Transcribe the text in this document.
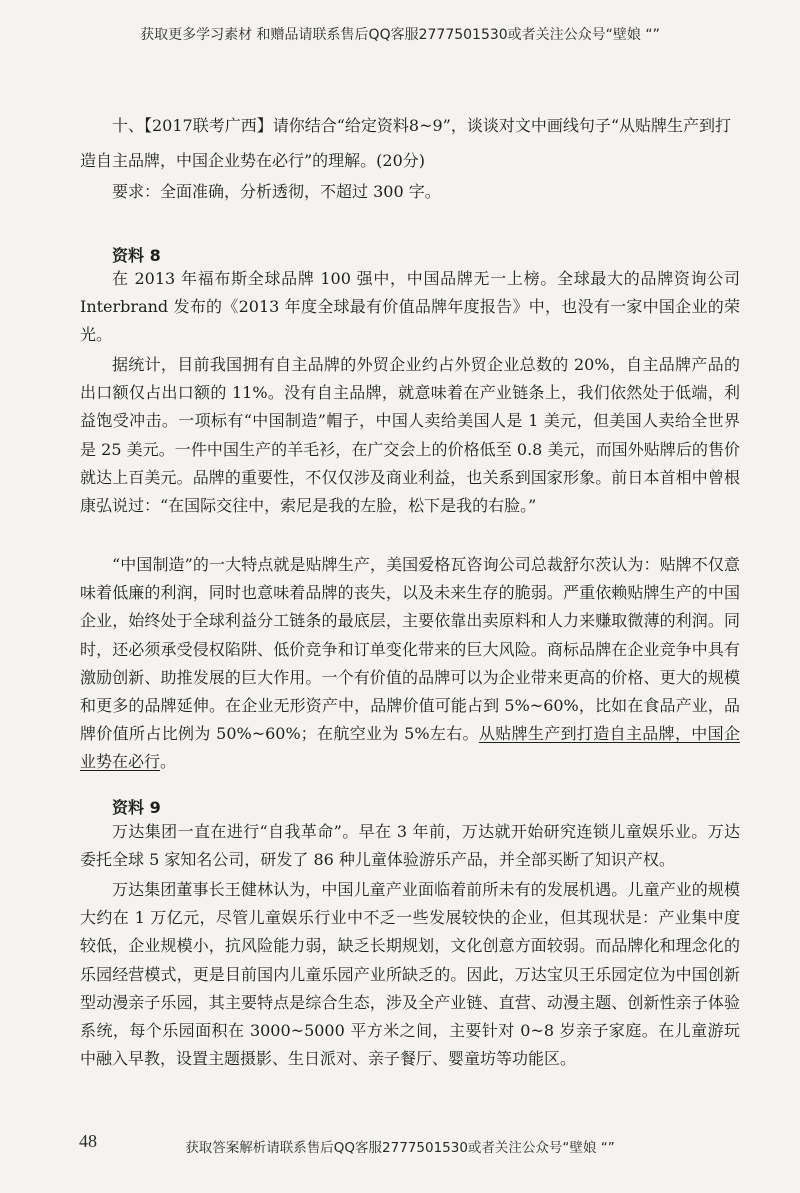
获取更多学习素材 和赠品请联系售后QQ客服2777501530或者关注公众号“壁娘 “”

十、【2017联考广西】请你结合“给定资料8~9”，谈谈对文中画线句子“从贴牌生产到打造自主品牌，中国企业势在必行”的理解。(20分)

要求：全面准确，分析透彻，不超过 300 字。

资料 8

在 2013 年福布斯全球品牌 100 强中，中国品牌无一上榜。全球最大的品牌资询公司 Interbrand 发布的《2013 年度全球最有价值品牌年度报告》中，也没有一家中国企业的荣光。

据统计，目前我国拥有自主品牌的外贸企业约占外贸企业总数的 20%，自主品牌产品的出口额仅占出口额的 11%。没有自主品牌，就意味着在产业链条上，我们依然处于低端，利益饱受冲击。一项标有“中国制造”帽子，中国人卖给美国人是 1 美元，但美国人卖给全世界是 25 美元。一件中国生产的羊毛衫，在广交会上的价格低至 0.8 美元，而国外贴牌后的售价就达上百美元。品牌的重要性，不仅仅涉及商业利益，也关系到国家形象。前日本首相中曾根康弘说过：“在国际交往中，索尼是我的左脸，松下是我的右脸。”

“中国制造”的一大特点就是贴牌生产，美国爱格瓦咨询公司总裁舒尔茨认为：贴牌不仅意味着低廉的利润，同时也意味着品牌的丧失，以及未来生存的脆弱。严重依赖贴牌生产的中国企业，始终处于全球利益分工链条的最底层，主要依靠出卖原料和人力来赚取微薄的利润。同时，还必须承受侵权陷阱、低价竞争和订单变化带来的巨大风险。商标品牌在企业竞争中具有激励创新、助推发展的巨大作用。一个有价值的品牌可以为企业带来更高的价格、更大的规模和更多的品牌延伸。在企业无形资产中，品牌价值可能占到 5%~60%，比如在食品产业，品牌价值所占比例为 50%~60%；在航空业为 5%左右。从贴牌生产到打造自主品牌，中国企业势在必行。

资料 9

万达集团一直在进行“自我革命”。早在 3 年前，万达就开始研究连锁儿童娱乐业。万达委托全球 5 家知名公司，研发了 86 种儿童体验游乐产品，并全部买断了知识产权。

万达集团董事长王健林认为，中国儿童产业面临着前所未有的发展机遇。儿童产业的规模大约在 1 万亿元，尽管儿童娱乐行业中不乏一些发展较快的企业，但其现状是：产业集中度较低，企业规模小，抗风险能力弱，缺乏长期规划，文化创意方面较弱。而品牌化和理念化的乐园经营模式，更是目前国内儿童乐园产业所缺乏的。因此，万达宝贝王乐园定位为中国创新型动漫亲子乐园，其主要特点是综合生态，涉及全产业链、直营、动漫主题、创新性亲子体验系统，每个乐园面积在 3000~5000 平方米之间，主要针对 0~8 岁亲子家庭。在儿童游玩中融入早教，设置主题摄影、生日派对、亲子餐厅、婴童坊等功能区。

48	获取答案解析请联系售后QQ客服2777501530或者关注公众号“壁娘 “”
